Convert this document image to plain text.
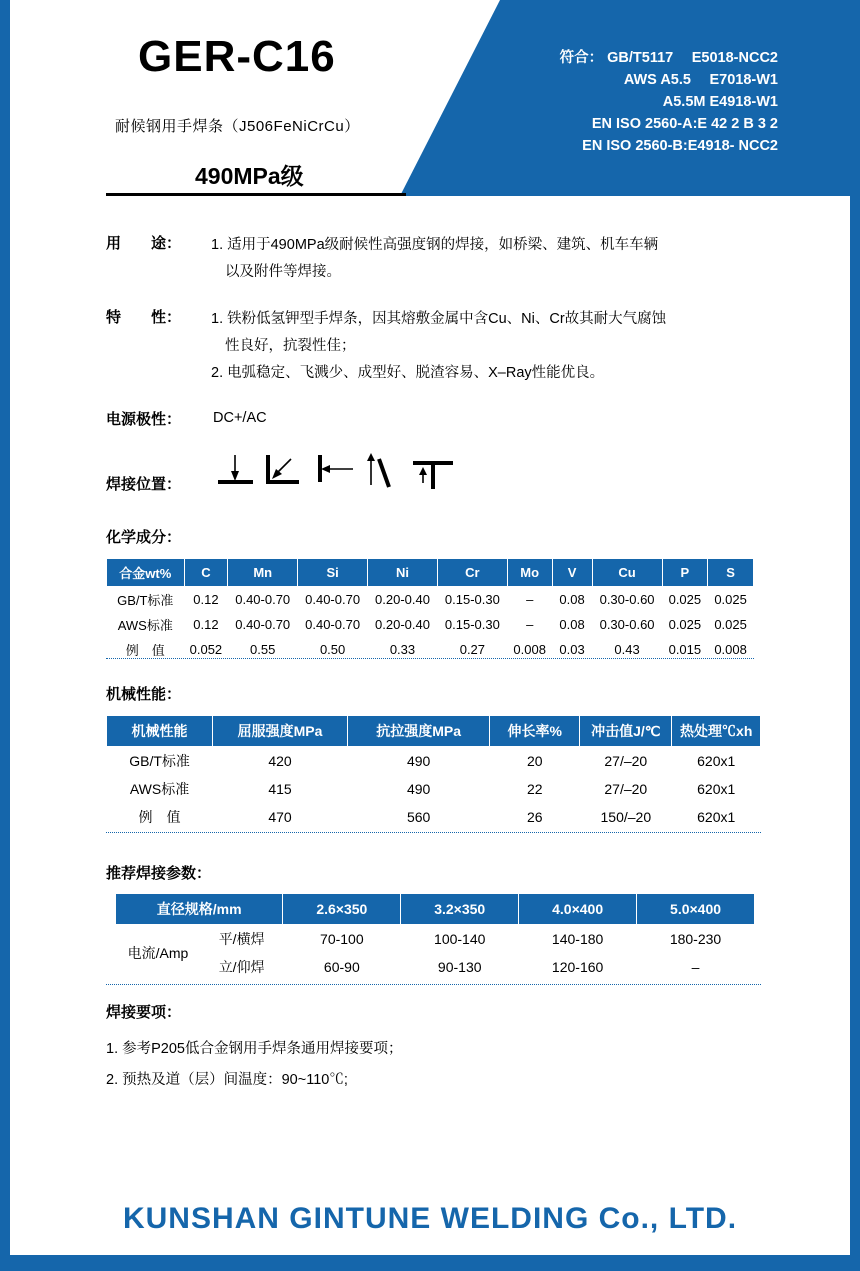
GER-C16
耐候钢用手焊条（J506FeNiCrCu）
490MPa级
符合： GB/T5117　 E5018-NCC2
AWS A5.5　 E7018-W1
A5.5M E4918-W1
EN ISO 2560-A:E 42 2 B 3 2
EN ISO 2560-B:E4918- NCC2
用　　途：	1. 适用于490MPa级耐候性高强度钢的焊接，如桥梁、建筑、机车车辆
以及附件等焊接。
特　　性：	1. 铁粉低氢钾型手焊条，因其熔敷金属中含Cu、Ni、Cr故其耐大气腐蚀
性良好，抗裂性佳；
2. 电弧稳定、飞溅少、成型好、脱渣容易、X–Ray性能优良。
电源极性：	DC+/AC
焊接位置：
化学成分：
合金wt%	C	Mn	Si	Ni	Cr	Mo	V	Cu	P	S
GB/T标准	0.12	0.40-0.70	0.40-0.70	0.20-0.40	0.15-0.30	–	0.08	0.30-0.60	0.025	0.025
AWS标准	0.12	0.40-0.70	0.40-0.70	0.20-0.40	0.15-0.30	–	0.08	0.30-0.60	0.025	0.025
例　值	0.052	0.55	0.50	0.33	0.27	0.008	0.03	0.43	0.015	0.008
机械性能：
机械性能	屈服强度MPa	抗拉强度MPa	伸长率%	冲击值J/℃	热处理℃xh
GB/T标准	420	490	20	27/–20	620x1
AWS标准	415	490	22	27/–20	620x1
例　值	470	560	26	150/–20	620x1
推荐焊接参数：
直径规格/mm		2.6×350	3.2×350	4.0×400	5.0×400
电流/Amp	平/横焊	70-100	100-140	140-180	180-230
	立/仰焊	60-90	90-130	120-160	–
焊接要项：
1. 参考P205低合金钢用手焊条通用焊接要项；
2. 预热及道（层）间温度：90~110℃;
KUNSHAN GINTUNE WELDING Co., LTD.
